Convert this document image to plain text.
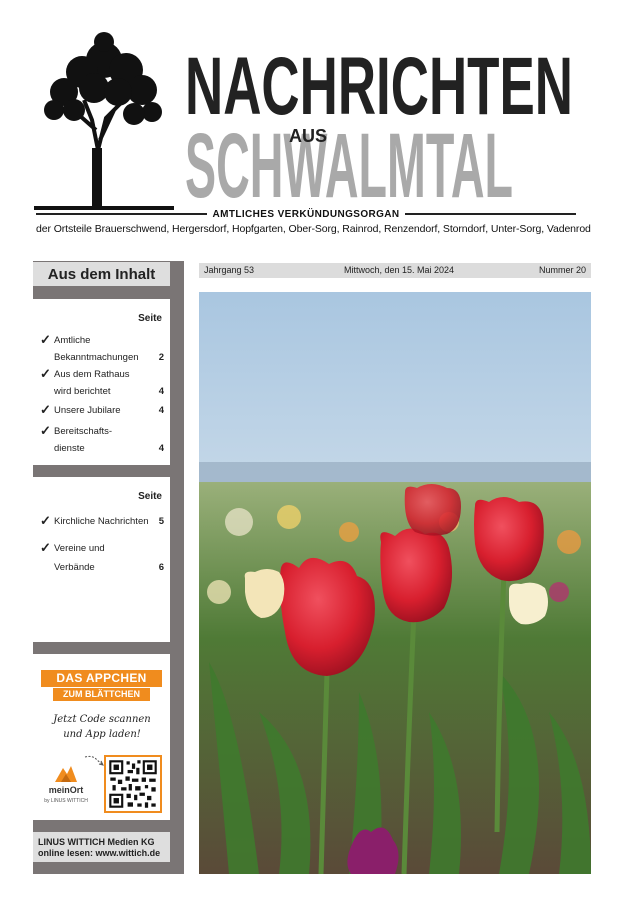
NACHRICHTEN
SCHWALMTAL
AUS
AMTLICHES VERKÜNDUNGSORGAN
der Ortsteile Brauerschwend, Hergersdorf, Hopfgarten, Ober-Sorg, Rainrod, Renzendorf, Storndorf, Unter-Sorg, Vadenrod
Aus dem Inhalt
Seite
✓ Amtliche
Bekanntmachungen	2
✓ Aus dem Rathaus
wird berichtet	4
✓ Unsere Jubilare	4
✓ Bereitschafts-
dienste	4
Seite
✓ Kirchliche Nachrichten	5
✓ Vereine und
Verbände	6
DAS APPCHEN
ZUM BLÄTTCHEN
Jetzt Code scannen
und App laden!
meinOrt
by LINUS WITTICH
LINUS WITTICH Medien KG
online lesen: www.wittich.de
Jahrgang 53	Mittwoch, den 15. Mai 2024	Nummer 20
